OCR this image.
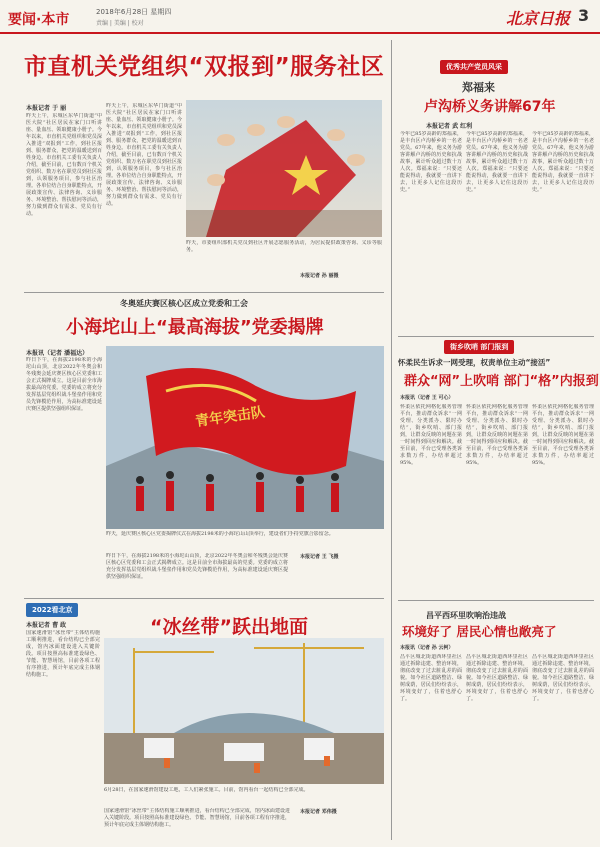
要闻·本市	2018年6月28日 星期四
责编 | 美编 | 校对	北京日报 3
市直机关党组织“双报到”服务社区
本报记者 于 丽
昨天上午，东城区东华门街道“中医大院”社区居民在家门口听讲座、量血压、领取健康小册子。今年以来，市直机关党组织和党员深入推进“双报到”工作，到社区报到、服务群众，把党的温暖送到百姓身边。市直机关工委有关负责人介绍，截至目前，已有数百个机关党组织、数万名在职党员到社区报到，认领服务项目，参与社区治理。各单位结合自身职能特点，开展政策宣传、法律咨询、义诊服务、环境整治、帮扶慰问等活动，努力做到群众有需求、党员有行动。
昨天上午，东城区东华门街道“中医大院”社区居民在家门口听讲座、量血压、领取健康小册子。今年以来，市直机关党组织和党员深入推进“双报到”工作，到社区报到、服务群众，把党的温暖送到百姓身边。市直机关工委有关负责人介绍，截至目前，已有数百个机关党组织、数万名在职党员到社区报到，认领服务项目，参与社区治理。各单位结合自身职能特点，开展政策宣传、法律咨询、义诊服务、环境整治、帮扶慰问等活动，努力做到群众有需求、党员有行动。
昨天，市委组织部机关党员到社区开展志愿服务活动，为居民提供政策咨询、义诊等服务。
本报记者 孙 丽摄
冬奥延庆赛区核心区成立党委和工会
小海坨山上“最高海拔”党委揭牌
本报讯（记者 潘福达）
昨日下午，在海拔2198米的小海坨山山顶，北京2022年冬奥会和冬残奥会延庆赛区核心区党委和工会正式揭牌成立。这是目前全市海拔最高的党委。党委的成立将充分发挥基层党组织战斗堡垒作用和党员先锋模范作用，为高标准建设延庆赛区提供坚强组织保证。	青年突击队
昨天，延庆赛区核心区党委揭牌仪式在海拔2198米的小海坨山山顶举行，建设者们手持党旗合影留念。
昨日下午，在海拔2198米的小海坨山山顶，北京2022年冬奥会和冬残奥会延庆赛区核心区党委和工会正式揭牌成立。这是目前全市海拔最高的党委。党委的成立将充分发挥基层党组织战斗堡垒作用和党员先锋模范作用，为高标准建设延庆赛区提供坚强组织保证。
本报记者 王 飞摄
2022看北京
“冰丝带”跃出地面
本报记者 曹 政
国家速滑馆“冰丝带”主体结构施工顺利推进，看台结构已全部完成，馆内冰面建设进入关键阶段。项目按照高标准建设绿色、节能、智慧场馆，目前各项工程有序推进，预计年底完成主体钢结构施工。
6月28日，在国家速滑馆建设工地，工人们紧张施工。目前，馆内看台一起结构已全部完成。
国家速滑馆“冰丝带”主体结构施工顺利推进，看台结构已全部完成，馆内冰面建设进入关键阶段。项目按照高标准建设绿色、节能、智慧场馆，目前各项工程有序推进，预计年底完成主体钢结构施工。
本报记者 邓伟摄
优秀共产党员风采
郑福来
卢沟桥义务讲解67年
本报记者 武 红利
今年已85岁高龄的郑福来，是丰台区卢沟桥乡的一名老党员。67年来，他义务为游客讲解卢沟桥的历史和抗战故事，累计听众超过数十万人次。郑福来说：“只要还能说得动，我就要一直讲下去，让更多人记住这段历史。”
今年已85岁高龄的郑福来，是丰台区卢沟桥乡的一名老党员。67年来，他义务为游客讲解卢沟桥的历史和抗战故事，累计听众超过数十万人次。郑福来说：“只要还能说得动，我就要一直讲下去，让更多人记住这段历史。”
今年已85岁高龄的郑福来，是丰台区卢沟桥乡的一名老党员。67年来，他义务为游客讲解卢沟桥的历史和抗战故事，累计听众超过数十万人次。郑福来说：“只要还能说得动，我就要一直讲下去，让更多人记住这段历史。”
街乡吹哨 部门报到
怀柔民生诉求一网受理，权责单位主动“接活”
群众“网”上吹哨 部门“格”内报到
本报讯（记者 王 可心）
怀柔区依托网格化服务管理平台，推动群众诉求“一网受理、分类派办、限时办结”，街乡吹哨、部门报到，让群众反映的问题在第一时间得到回应和解决。截至目前，平台已受理各类诉求数万件，办结率超过95%。
怀柔区依托网格化服务管理平台，推动群众诉求“一网受理、分类派办、限时办结”，街乡吹哨、部门报到，让群众反映的问题在第一时间得到回应和解决。截至目前，平台已受理各类诉求数万件，办结率超过95%。
怀柔区依托网格化服务管理平台，推动群众诉求“一网受理、分类派办、限时办结”，街乡吹哨、部门报到，让群众反映的问题在第一时间得到回应和解决。截至目前，平台已受理各类诉求数万件，办结率超过95%。
昌平西环里吹响治违战
环境好了 居民心情也敞亮了
本报讯（记者 孙 云柯）
昌平区城北街道西环里社区通过拆除违建、整治环境，彻底改变了过去脏乱差的面貌。如今社区道路整洁、绿树成荫，居民们纷纷表示，环境变好了，住着也舒心了。
昌平区城北街道西环里社区通过拆除违建、整治环境，彻底改变了过去脏乱差的面貌。如今社区道路整洁、绿树成荫，居民们纷纷表示，环境变好了，住着也舒心了。
昌平区城北街道西环里社区通过拆除违建、整治环境，彻底改变了过去脏乱差的面貌。如今社区道路整洁、绿树成荫，居民们纷纷表示，环境变好了，住着也舒心了。
